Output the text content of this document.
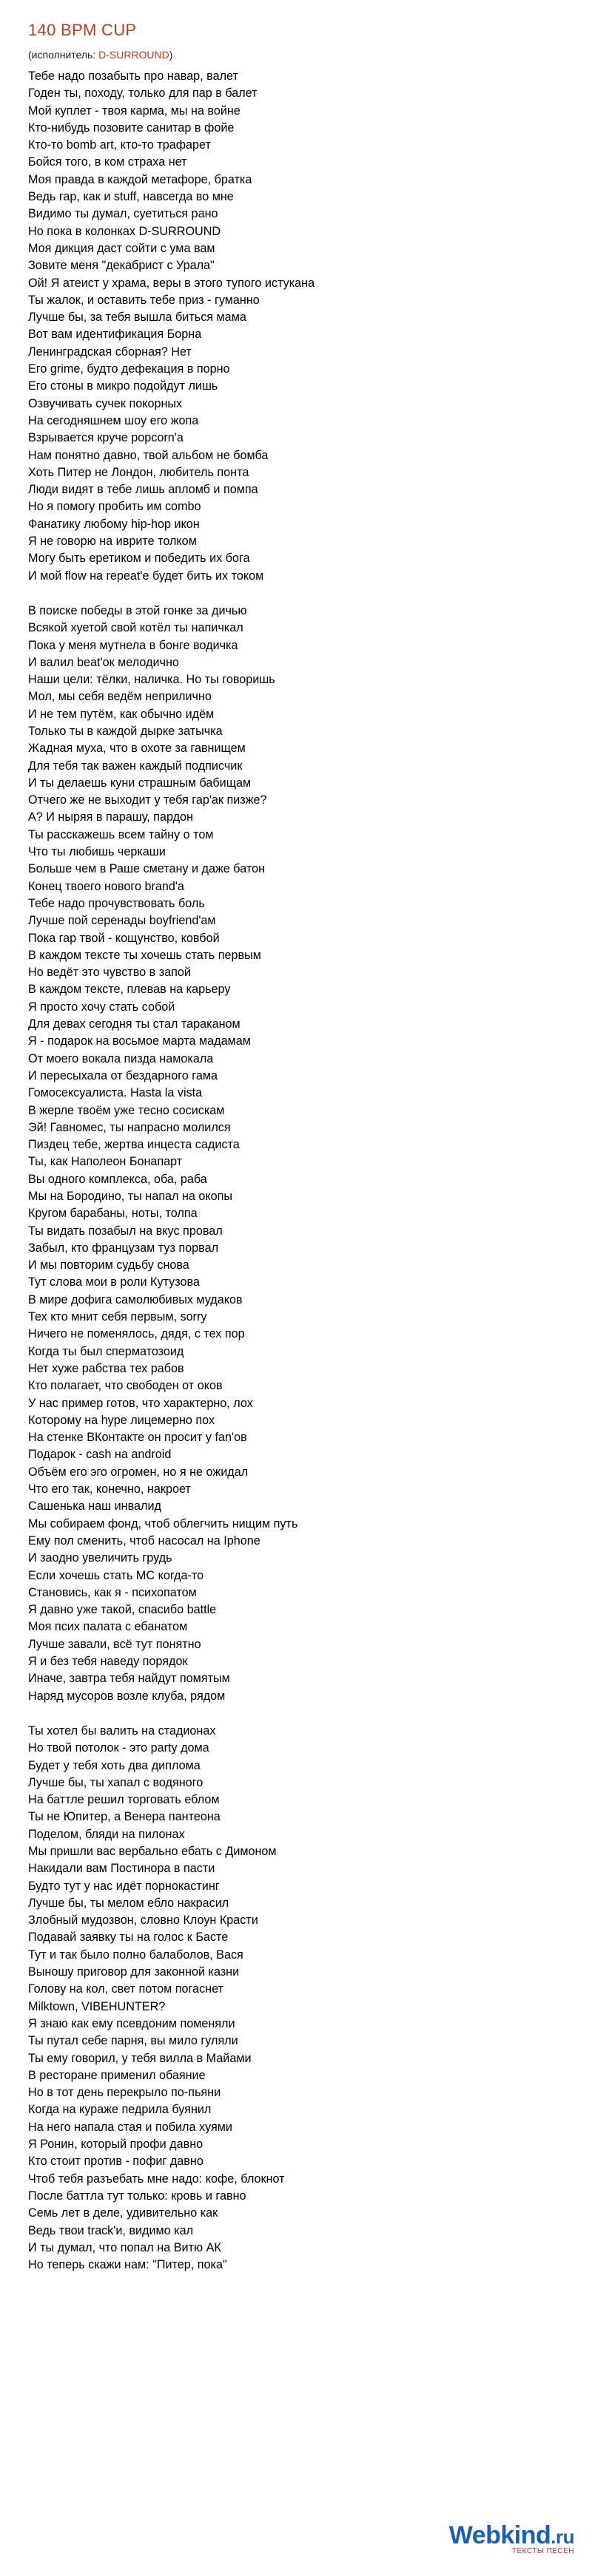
140 BPM CUP
(исполнитель: D-SURROUND)
Тебе надо позабыть про навар, валет
Годен ты, походу, только для пар в балет
Мой куплет - твоя карма, мы на войне
Кто-нибудь позовите санитар в фойе
Кто-то bomb art, кто-то трафарет
Бойся того, в ком страха нет
Моя правда в каждой метафоре, братка
Ведь гар, как и stuff, навсегда во мне
Видимо ты думал, суетиться рано
Но пока в колонках D-SURROUND
Моя дикция даст сойти с ума вам
Зовите меня "декабрист с Урала"
Ой! Я атеист у храма, веры в этого тупого истукана
Ты жалок, и оставить тебе приз - гуманно
Лучше бы, за тебя вышла биться мама
Вот вам идентификация Борна
Ленинградская сборная? Нет
Его grime, будто дефекация в порно
Его стоны в микро подойдут лишь
Озвучивать сучек покорных
На сегодняшнем шоу его жопа
Взрывается круче popcorn'а
Нам понятно давно, твой альбом не бомба
Хоть Питер не Лондон, любитель понта
Люди видят в тебе лишь апломб и помпа
Но я помогу пробить им combo
Фанатику любому hip-hop икон
Я не говорю на иврите толком
Могу быть еретиком и победить их бога
И мой flow на repeat'е будет бить их током
В поиске победы в этой гонке за дичью
Всякой хуетой свой котёл ты напичкал
Пока у меня мутнела в бонге водичка
И валил beat'ок мелодично
Наши цели: тёлки, наличка. Но ты говоришь
Мол, мы себя ведём неприлично
И не тем путём, как обычно идём
Только ты в каждой дырке затычка
Жадная муха, что в охоте за гавнищем
Для тебя так важен каждый подписчик
И ты делаешь куни страшным бабищам
Отчего же не выходит у тебя гар'ак пизже?
А? И ныряя в парашу, пардон
Ты расскажешь всем тайну о том
Что ты любишь черкаши
Больше чем в Раше сметану и даже батон
Конец твоего нового brand'а
Тебе надо прочувствовать боль
Лучше пой серенады boyfriend'ам
Пока гар твой - кощунство, ковбой
В каждом тексте ты хочешь стать первым
Но ведёт это чувство в запой
В каждом тексте, плевав на карьеру
Я просто хочу стать собой
Для девах сегодня ты стал тараканом
Я - подарок на восьмое марта мадамам
От моего вокала пизда намокала
И пересыхала от бездарного гама
Гомосексуалиста. Hasta la vista
В жерле твоём уже тесно сосискам
Эй! Гавномес, ты напрасно молился
Пиздец тебе, жертва инцеста садиста
Ты, как Наполеон Бонапарт
Вы одного комплекса, оба, раба
Мы на Бородино, ты напал на окопы
Кругом барабаны, ноты, толпа
Ты видать позабыл на вкус провал
Забыл, кто французам туз порвал
И мы повторим судьбу снова
Тут слова мои в роли Кутузова
В мире дофига самолюбивых мудаков
Тех кто мнит себя первым, sorry
Ничего не поменялось, дядя, с тех пор
Когда ты был сперматозоид
Нет хуже рабства тех рабов
Кто полагает, что свободен от оков
У нас пример готов, что характерно, лох
Которому на hype лицемерно пох
На стенке ВКонтакте он просит у fan'ов
Подарок - cash на android
Объём его эго огромен, но я не ожидал
Что его так, конечно, накроет
Сашенька наш инвалид
Мы собираем фонд, чтоб облегчить нищим путь
Ему пол сменить, чтоб насосал на Iphone
И заодно увеличить грудь
Если хочешь стать МС когда-то
Становись, как я - психопатом
Я давно уже такой, спасибо battle
Моя псих палата с ебанатом
Лучше завали, всё тут понятно
Я и без тебя наведу порядок
Иначе, завтра тебя найдут помятым
Наряд мусоров возле клуба, рядом
Ты хотел бы валить на стадионах
Но твой потолок - это party дома
Будет у тебя хоть два диплома
Лучше бы, ты хапал с водяного
На баттле решил торговать еблом
Ты не Юпитер, а Венера пантеона
Поделом, бляди на пилонах
Мы пришли вас вербально ебать с Димоном
Накидали вам Постинора в пасти
Будто тут у нас идёт порнокастинг
Лучше бы, ты мелом ебло накрасил
Злобный мудозвон, словно Клоун Красти
Подавай заявку ты на голос к Басте
Тут и так было полно балаболов, Вася
Выношу приговор для законной казни
Голову на кол, свет потом погаснет
Milktown, VIBEHUNTER?
Я знаю как ему псевдоним поменяли
Ты путал себе парня, вы мило гуляли
Ты ему говорил, у тебя вилла в Майами
В ресторане применил обаяние
Но в тот день перекрыло по-пьяни
Когда на кураже педрила буянил
На него напала стая и побила хуями
Я Ронин, который профи давно
Кто стоит против - пофиг давно
Чтоб тебя разъебать мне надо: кофе, блокнот
После баттла тут только: кровь и гавно
Семь лет в деле, удивительно как
Ведь твои track'и, видимо кал
И ты думал, что попал на Витю АК
Но теперь скажи нам: "Питер, пока"
Webkind.ru
ТЕКСТЫ ПЕСЕН
